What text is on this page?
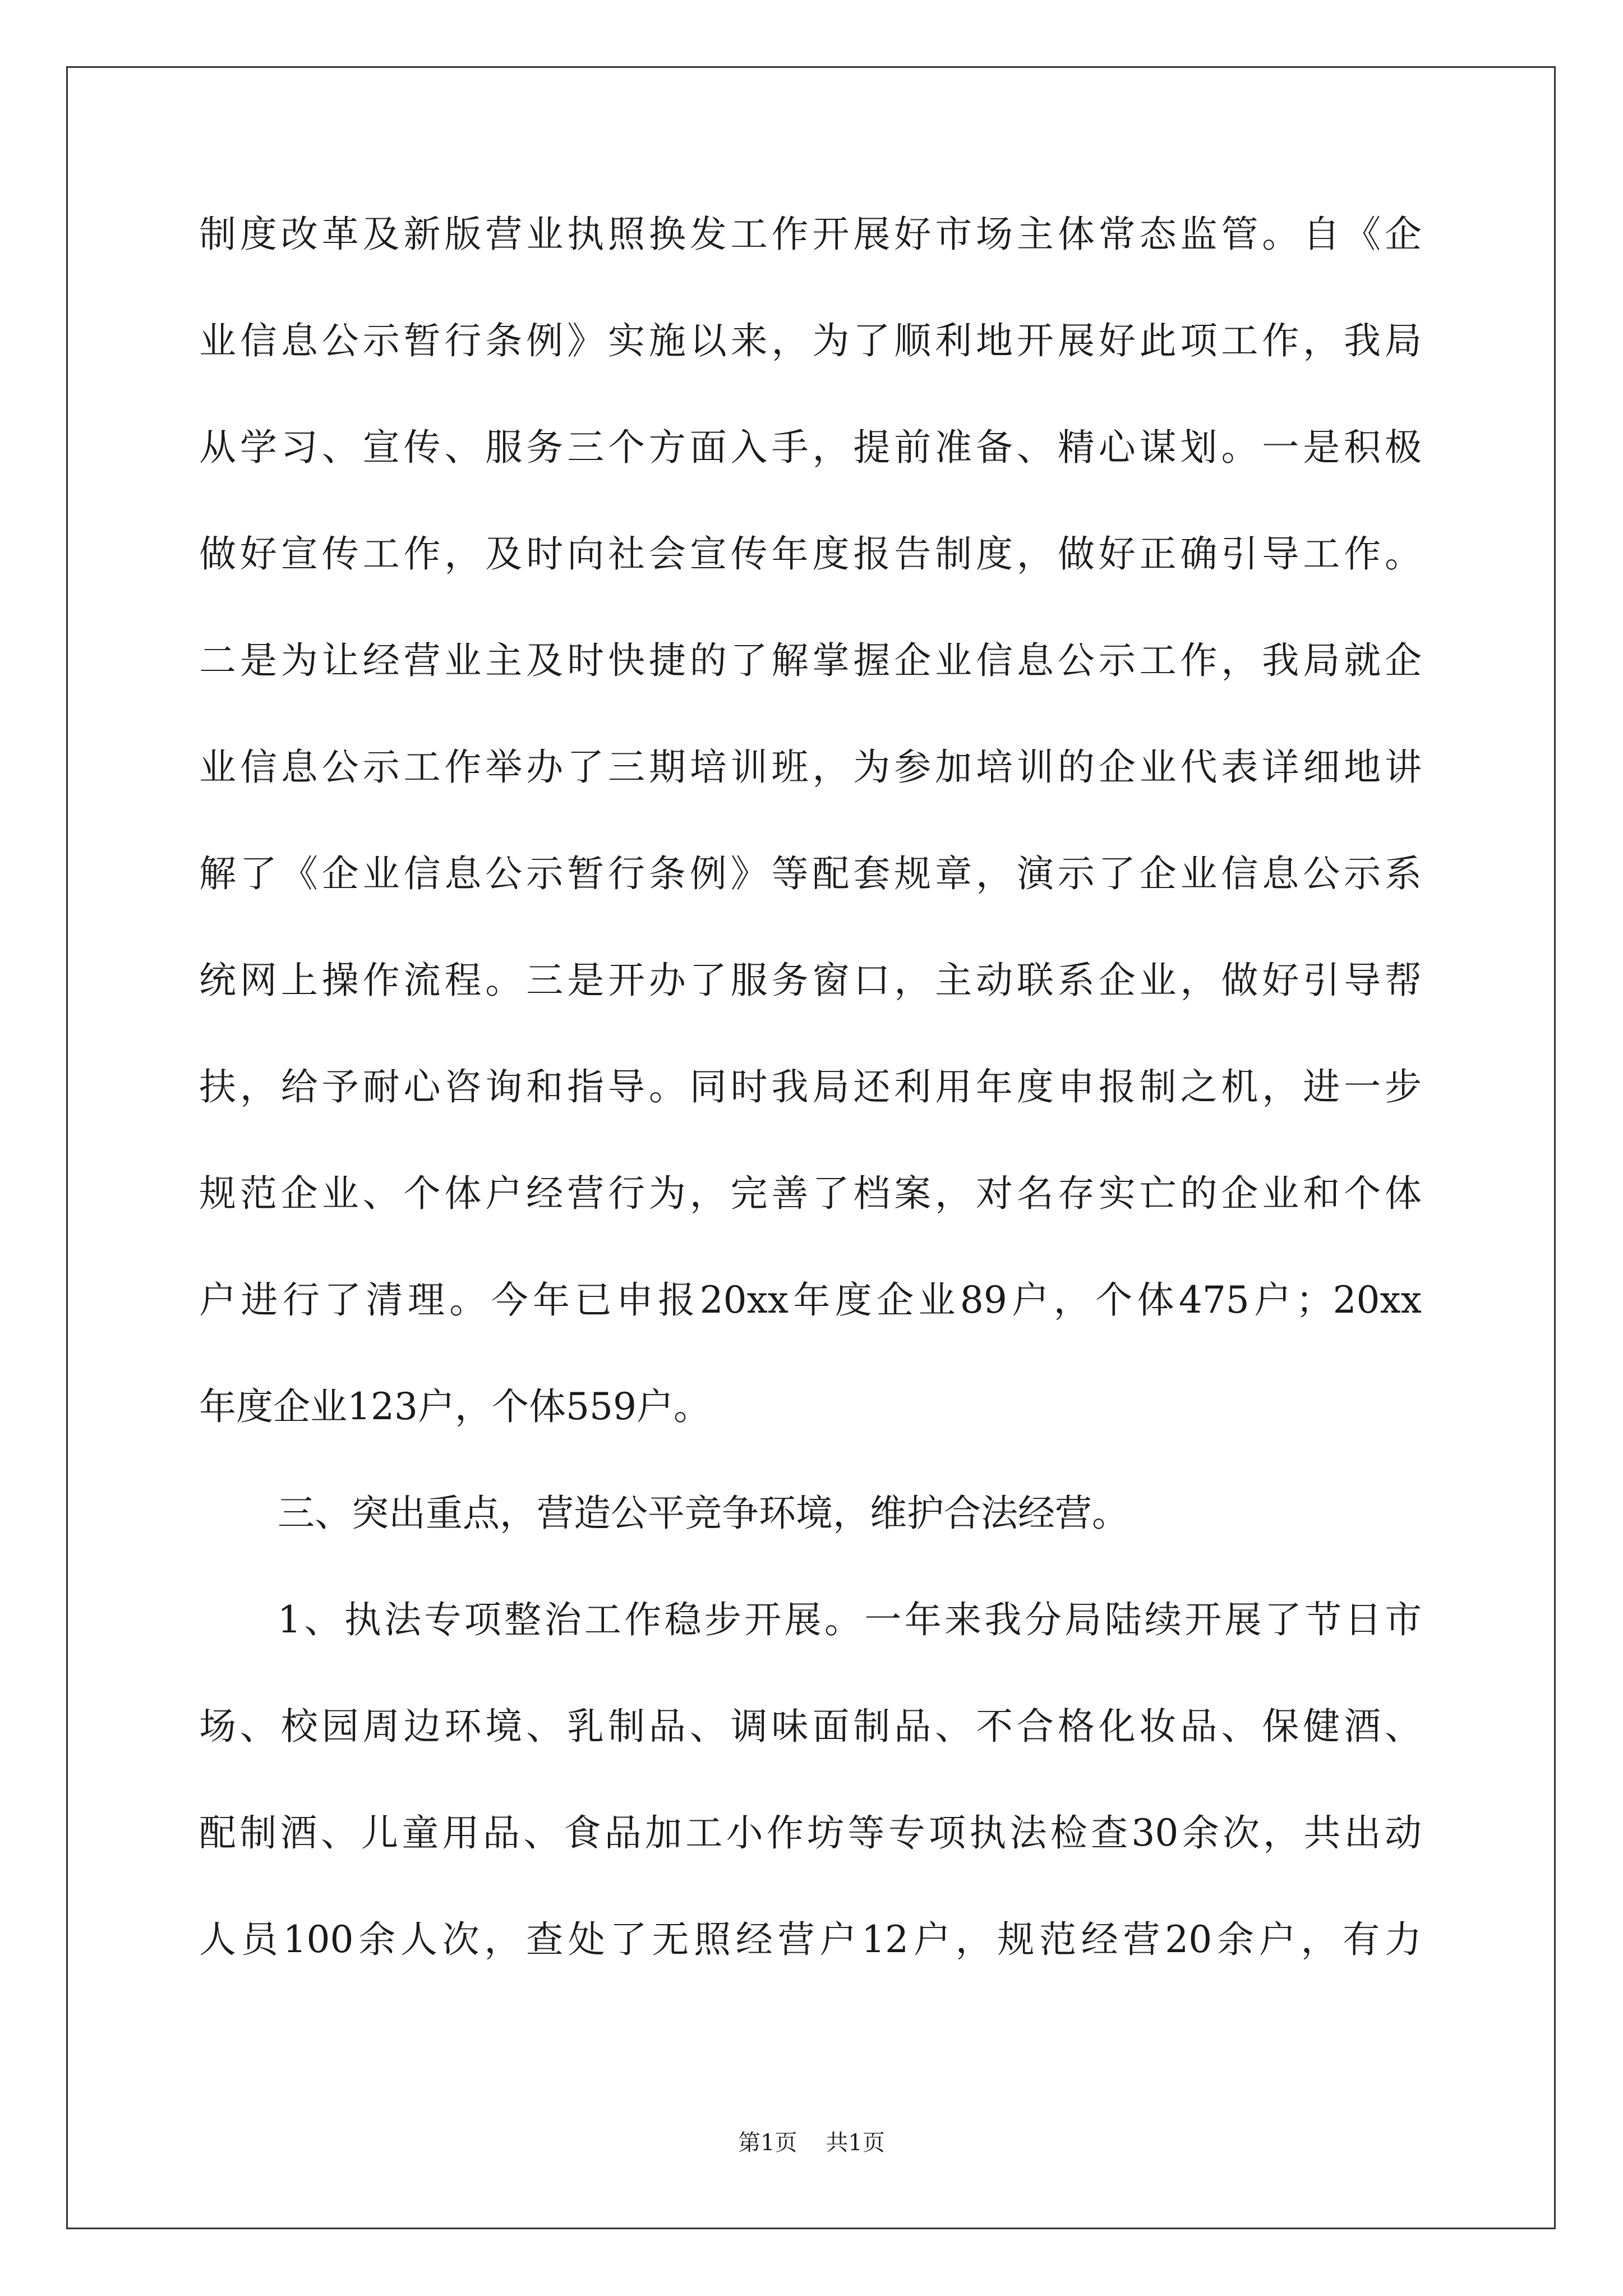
制度改革及新版营业执照换发工作开展好市场主体常态监管。自《企
业信息公示暂行条例》实施以来，为了顺利地开展好此项工作，我局
从学习、宣传、服务三个方面入手，提前准备、精心谋划。一是积极
做好宣传工作，及时向社会宣传年度报告制度，做好正确引导工作。
二是为让经营业主及时快捷的了解掌握企业信息公示工作，我局就企
业信息公示工作举办了三期培训班，为参加培训的企业代表详细地讲
解了《企业信息公示暂行条例》等配套规章，演示了企业信息公示系
统网上操作流程。三是开办了服务窗口，主动联系企业，做好引导帮
扶，给予耐心咨询和指导。同时我局还利用年度申报制之机，进一步
规范企业、个体户经营行为，完善了档案，对名存实亡的企业和个体
户进行了清理。今年已申报20xx年度企业89户，个体475户；20xx
年度企业123户，个体559户。
三、突出重点，营造公平竞争环境，维护合法经营。
1、执法专项整治工作稳步开展。一年来我分局陆续开展了节日市
场、校园周边环境、乳制品、调味面制品、不合格化妆品、保健酒、
配制酒、儿童用品、食品加工小作坊等专项执法检查30余次，共出动
人员100余人次，查处了无照经营户12户，规范经营20余户，有力
第1页    共1页
